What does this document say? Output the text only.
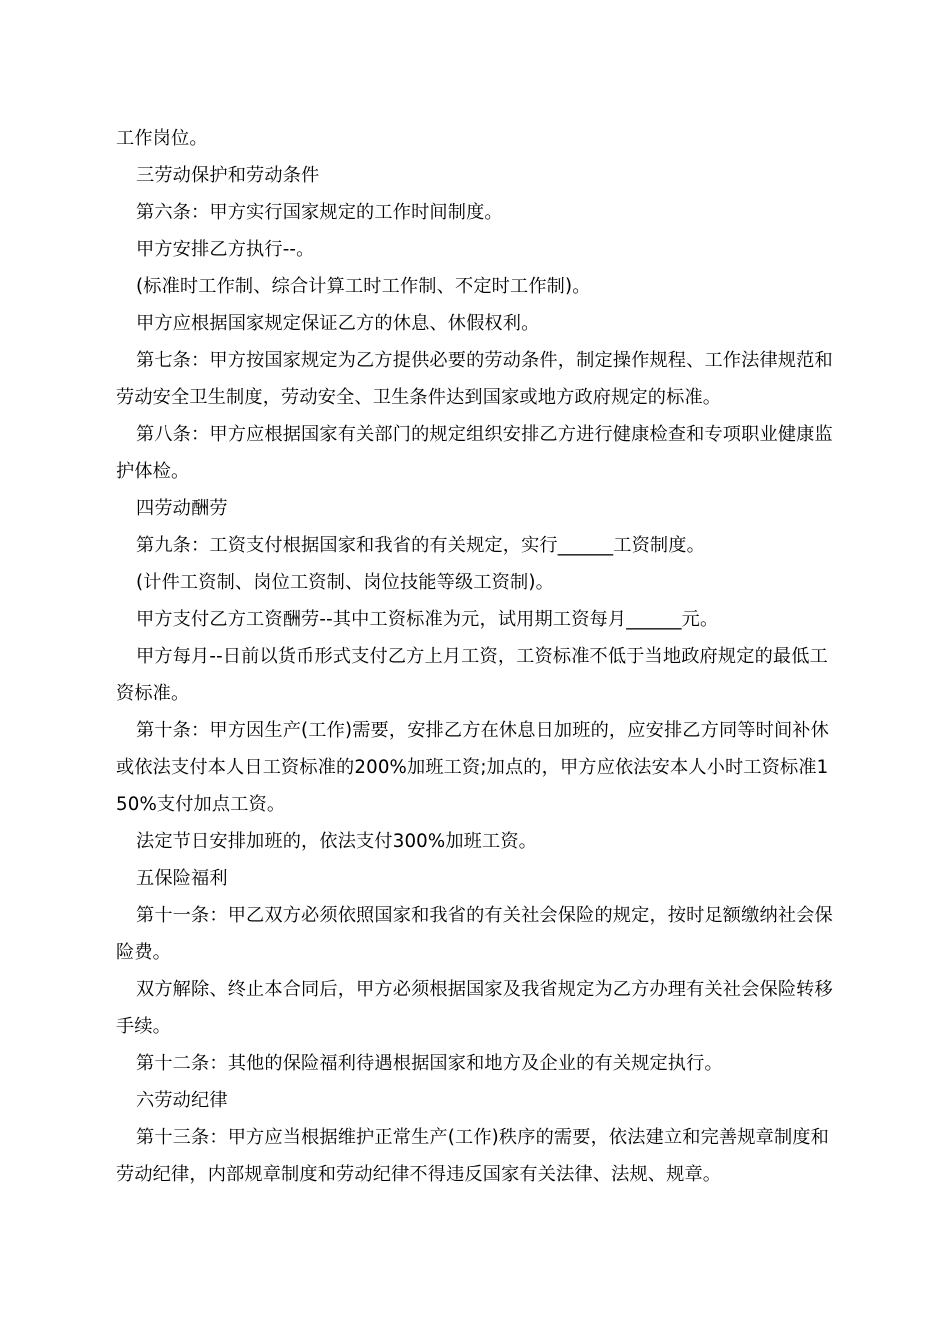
工作岗位。

三劳动保护和劳动条件

第六条：甲方实行国家规定的工作时间制度。

甲方安排乙方执行--。

(标准时工作制、综合计算工时工作制、不定时工作制)。

甲方应根据国家规定保证乙方的休息、休假权利。

第七条：甲方按国家规定为乙方提供必要的劳动条件，制定操作规程、工作法律规范和劳动安全卫生制度，劳动安全、卫生条件达到国家或地方政府规定的标准。

第八条：甲方应根据国家有关部门的规定组织安排乙方进行健康检查和专项职业健康监护体检。

四劳动酬劳

第九条：工资支付根据国家和我省的有关规定，实行______工资制度。

(计件工资制、岗位工资制、岗位技能等级工资制)。

甲方支付乙方工资酬劳--其中工资标准为元，试用期工资每月______元。

甲方每月--日前以货币形式支付乙方上月工资，工资标准不低于当地政府规定的最低工资标准。

第十条：甲方因生产(工作)需要，安排乙方在休息日加班的，应安排乙方同等时间补休或依法支付本人日工资标准的200%加班工资;加点的，甲方应依法安本人小时工资标准150%支付加点工资。

法定节日安排加班的，依法支付300%加班工资。

五保险福利

第十一条：甲乙双方必须依照国家和我省的有关社会保险的规定，按时足额缴纳社会保险费。

双方解除、终止本合同后，甲方必须根据国家及我省规定为乙方办理有关社会保险转移手续。

第十二条：其他的保险福利待遇根据国家和地方及企业的有关规定执行。

六劳动纪律

第十三条：甲方应当根据维护正常生产(工作)秩序的需要，依法建立和完善规章制度和劳动纪律，内部规章制度和劳动纪律不得违反国家有关法律、法规、规章。
